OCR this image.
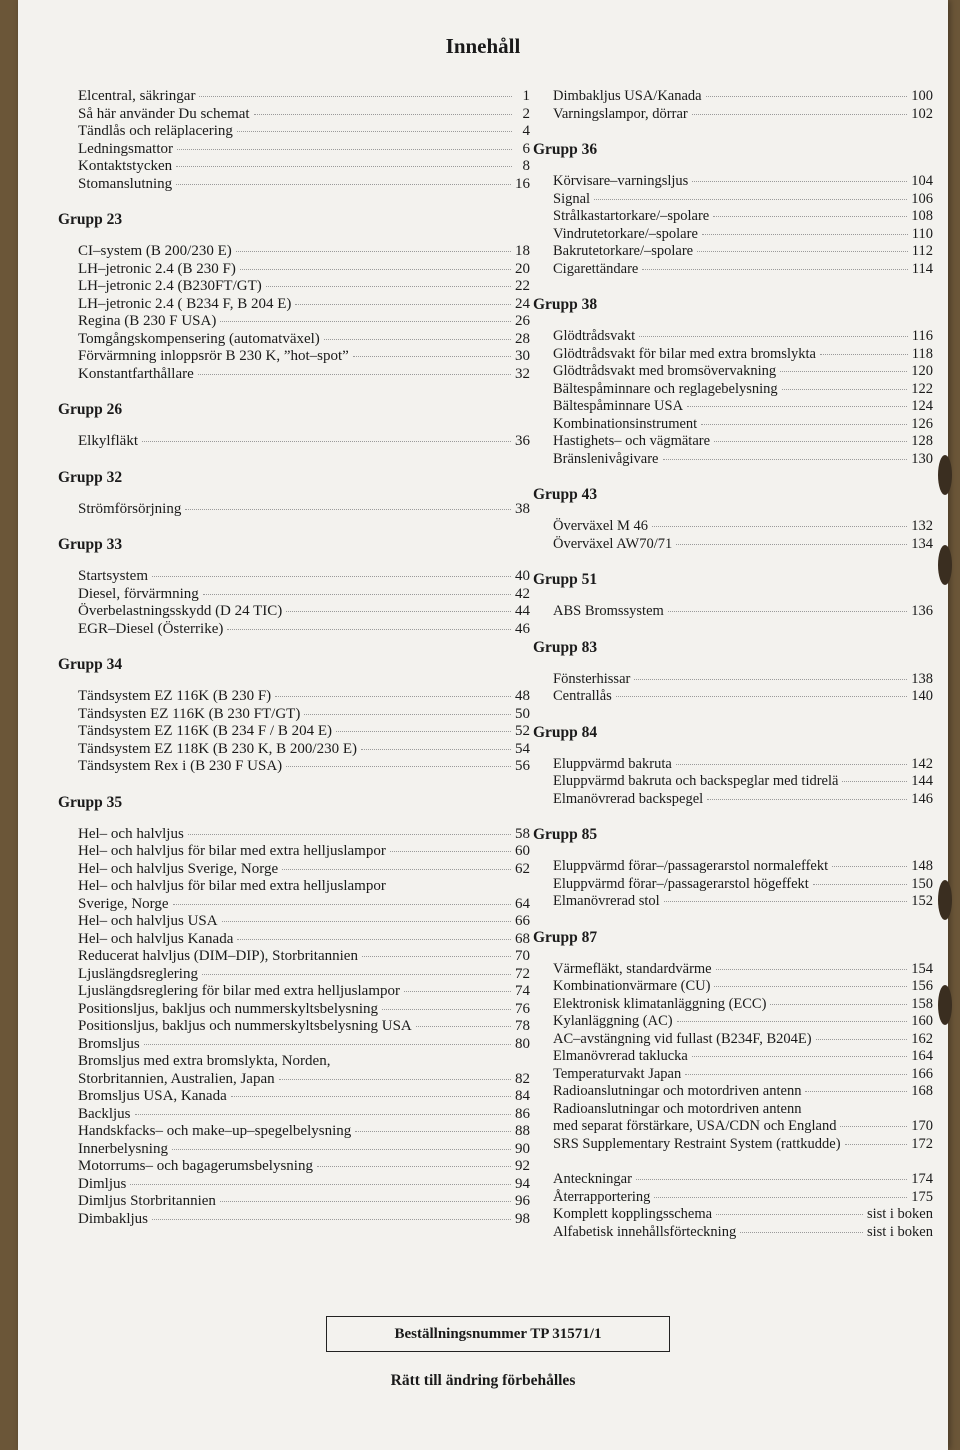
Innehåll
Elcentral, säkringar	1
Så här använder Du schemat	2
Tändlås och reläplacering	4
Ledningsmattor	6
Kontaktstycken	8
Stomanslutning	16
Grupp 23
CI–system (B 200/230 E)	18
LH–jetronic 2.4 (B 230 F)	20
LH–jetronic 2.4 (B230FT/GT)	22
LH–jetronic 2.4 ( B234 F, B 204 E)	24
Regina (B 230 F USA)	26
Tomgångskompensering (automatväxel)	28
Förvärmning inloppsrör B 230 K, ”hot–spot”	30
Konstantfarthållare	32
Grupp 26
Elkylfläkt	36
Grupp 32
Strömförsörjning	38
Grupp 33
Startsystem	40
Diesel, förvärmning	42
Överbelastningsskydd (D 24 TIC)	44
EGR–Diesel (Österrike)	46
Grupp 34
Tändsystem EZ 116K (B 230 F)	48
Tändsysten EZ 116K (B 230 FT/GT)	50
Tändsystem EZ 116K (B 234 F / B 204 E)	52
Tändsystem EZ 118K (B 230 K, B 200/230 E)	54
Tändsystem Rex i (B 230 F USA)	56
Grupp 35
Hel– och halvljus	58
Hel– och halvljus för bilar med extra helljuslampor	60
Hel– och halvljus Sverige, Norge	62
Hel– och halvljus för bilar med extra helljuslampor
Sverige, Norge	64
Hel– och halvljus USA	66
Hel– och halvljus Kanada	68
Reducerat halvljus (DIM–DIP), Storbritannien	70
Ljuslängdsreglering	72
Ljuslängdsreglering för bilar med extra helljuslampor	74
Positionsljus, bakljus och nummerskyltsbelysning	76
Positionsljus, bakljus och nummerskyltsbelysning USA	78
Bromsljus	80
Bromsljus med extra bromslykta, Norden,
Storbritannien, Australien, Japan	82
Bromsljus USA, Kanada	84
Backljus	86
Handskfacks– och make–up–spegelbelysning	88
Innerbelysning	90
Motorrums– och bagagerumsbelysning	92
Dimljus	94
Dimljus Storbritannien	96
Dimbakljus	98
Dimbakljus USA/Kanada	100
Varningslampor, dörrar	102
Grupp 36
Körvisare–varningsljus	104
Signal	106
Strålkastartorkare/–spolare	108
Vindrutetorkare/–spolare	110
Bakrutetorkare/–spolare	112
Cigarettändare	114
Grupp 38
Glödtrådsvakt	116
Glödtrådsvakt för bilar med extra bromslykta	118
Glödtrådsvakt med bromsövervakning	120
Bältespåminnare och reglagebelysning	122
Bältespåminnare USA	124
Kombinationsinstrument	126
Hastighets– och vägmätare	128
Bränslenivågivare	130
Grupp 43
Överväxel M 46	132
Överväxel AW70/71	134
Grupp 51
ABS Bromssystem	136
Grupp 83
Fönsterhissar	138
Centrallås	140
Grupp 84
Eluppvärmd bakruta	142
Eluppvärmd bakruta och backspeglar med tidrelä	144
Elmanövrerad backspegel	146
Grupp 85
Eluppvärmd förar–/passagerarstol normaleffekt	148
Eluppvärmd förar–/passagerarstol högeffekt	150
Elmanövrerad stol	152
Grupp 87
Värmefläkt, standardvärme	154
Kombinationvärmare (CU)	156
Elektronisk klimatanläggning (ECC)	158
Kylanläggning (AC)	160
AC–avstängning vid fullast (B234F, B204E)	162
Elmanövrerad taklucka	164
Temperaturvakt Japan	166
Radioanslutningar och motordriven antenn	168
Radioanslutningar och motordriven antenn
med separat förstärkare, USA/CDN och England	170
SRS Supplementary Restraint System (rattkudde)	172
Anteckningar	174
Återrapportering	175
Komplett kopplingsschema	sist i boken
Alfabetisk innehållsförteckning	sist i boken
Beställningsnummer TP 31571/1
Rätt till ändring förbehålles
